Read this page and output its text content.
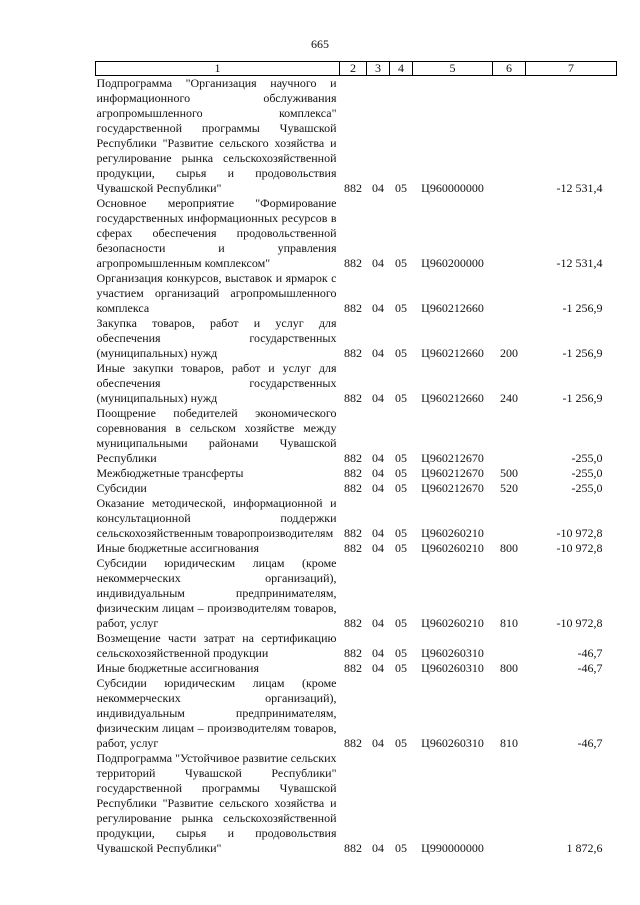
665
1	2	3	4	5	6	7
Подпрограмма "Организация научного и информационного обслуживания агропромышленного комплекса" государственной программы Чувашской Республики "Развитие сельского хозяйства и регулирование рынка сельскохозяйственной продукции, сырья и продовольствия Чувашской Республики"	882	04	05	Ц960000000		-12 531,4
Основное мероприятие "Формирование государственных информационных ресурсов в сферах обеспечения продовольственной безопасности и управления агропромышленным комплексом"	882	04	05	Ц960200000		-12 531,4
Организация конкурсов, выставок и ярмарок с участием организаций агропромышленного комплекса	882	04	05	Ц960212660		-1 256,9
Закупка товаров, работ и услуг для обеспечения государственных (муниципальных) нужд	882	04	05	Ц960212660	200	-1 256,9
Иные закупки товаров, работ и услуг для обеспечения государственных (муниципальных) нужд	882	04	05	Ц960212660	240	-1 256,9
Поощрение победителей экономического соревнования в сельском хозяйстве между муниципальными районами Чувашской Республики	882	04	05	Ц960212670		-255,0
Межбюджетные трансферты	882	04	05	Ц960212670	500	-255,0
Субсидии	882	04	05	Ц960212670	520	-255,0
Оказание методической, информационной и консультационной поддержки сельскохозяйственным товаропроизводителям	882	04	05	Ц960260210		-10 972,8
Иные бюджетные ассигнования	882	04	05	Ц960260210	800	-10 972,8
Субсидии юридическим лицам (кроме некоммерческих организаций), индивидуальным предпринимателям, физическим лицам – производителям товаров, работ, услуг	882	04	05	Ц960260210	810	-10 972,8
Возмещение части затрат на сертификацию сельскохозяйственной продукции	882	04	05	Ц960260310		-46,7
Иные бюджетные ассигнования	882	04	05	Ц960260310	800	-46,7
Субсидии юридическим лицам (кроме некоммерческих организаций), индивидуальным предпринимателям, физическим лицам – производителям товаров, работ, услуг	882	04	05	Ц960260310	810	-46,7
Подпрограмма "Устойчивое развитие сельских территорий Чувашской Республики" государственной программы Чувашской Республики "Развитие сельского хозяйства и регулирование рынка сельскохозяйственной продукции, сырья и продовольствия Чувашской Республики"	882	04	05	Ц990000000		1 872,6
